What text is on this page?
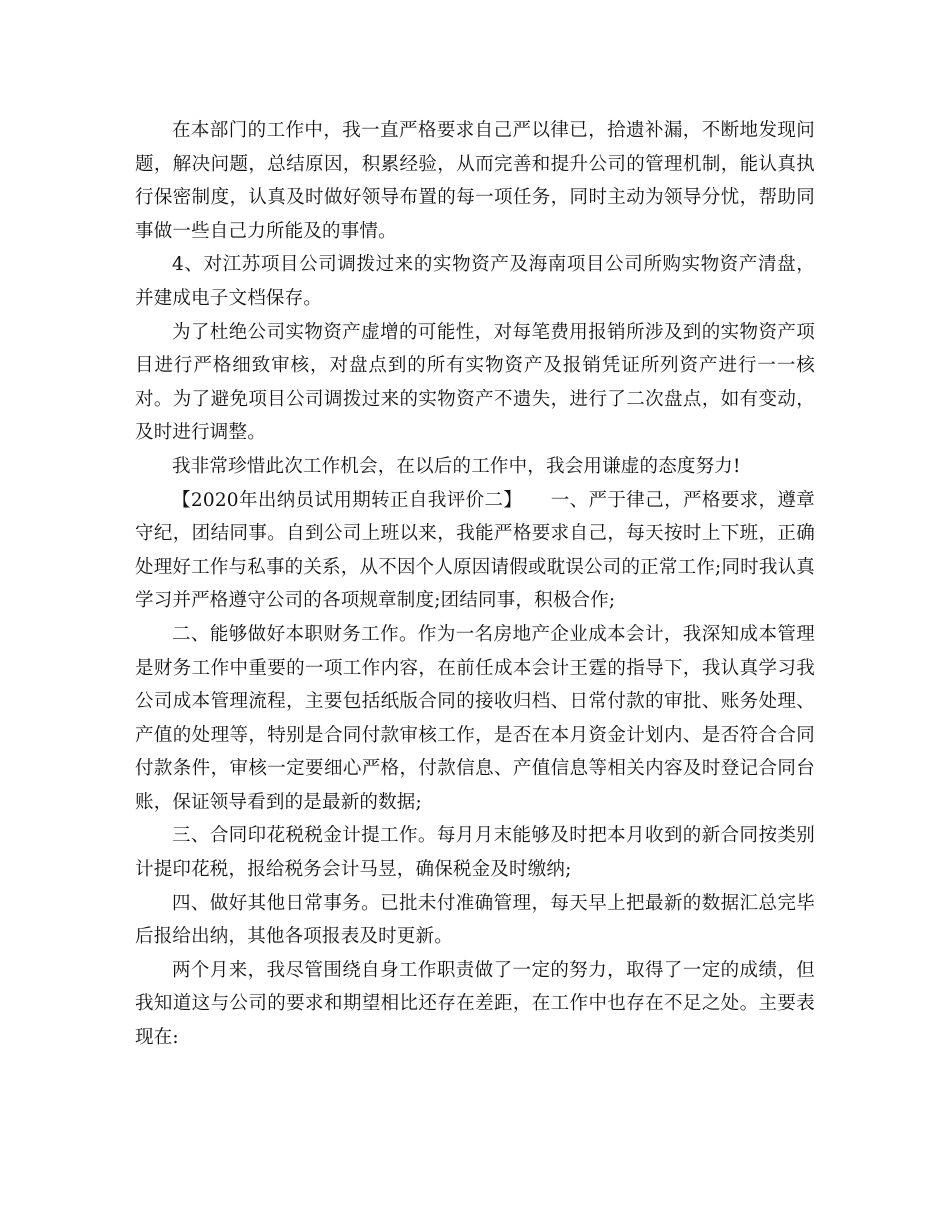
在本部门的工作中，我一直严格要求自己严以律已，拾遗补漏，不断地发现问题，解决问题，总结原因，积累经验，从而完善和提升公司的管理机制，能认真执行保密制度，认真及时做好领导布置的每一项任务，同时主动为领导分忧，帮助同事做一些自己力所能及的事情。

4、对江苏项目公司调拨过来的实物资产及海南项目公司所购实物资产清盘，并建成电子文档保存。

为了杜绝公司实物资产虚增的可能性，对每笔费用报销所涉及到的实物资产项目进行严格细致审核，对盘点到的所有实物资产及报销凭证所列资产进行一一核对。为了避免项目公司调拨过来的实物资产不遗失，进行了二次盘点，如有变动，及时进行调整。

我非常珍惜此次工作机会，在以后的工作中，我会用谦虚的态度努力!

【2020年出纳员试用期转正自我评价二】　　一、严于律己，严格要求，遵章守纪，团结同事。自到公司上班以来，我能严格要求自己，每天按时上下班，正确处理好工作与私事的关系，从不因个人原因请假或耽误公司的正常工作;同时我认真学习并严格遵守公司的各项规章制度;团结同事，积极合作;

二、能够做好本职财务工作。作为一名房地产企业成本会计，我深知成本管理是财务工作中重要的一项工作内容，在前任成本会计王霆的指导下，我认真学习我公司成本管理流程，主要包括纸版合同的接收归档、日常付款的审批、账务处理、产值的处理等，特别是合同付款审核工作，是否在本月资金计划内、是否符合合同付款条件，审核一定要细心严格，付款信息、产值信息等相关内容及时登记合同台账，保证领导看到的是最新的数据;

三、合同印花税税金计提工作。每月月末能够及时把本月收到的新合同按类别计提印花税，报给税务会计马昱，确保税金及时缴纳;

四、做好其他日常事务。已批未付准确管理，每天早上把最新的数据汇总完毕后报给出纳，其他各项报表及时更新。

两个月来，我尽管围绕自身工作职责做了一定的努力，取得了一定的成绩，但我知道这与公司的要求和期望相比还存在差距，在工作中也存在不足之处。主要表现在:
